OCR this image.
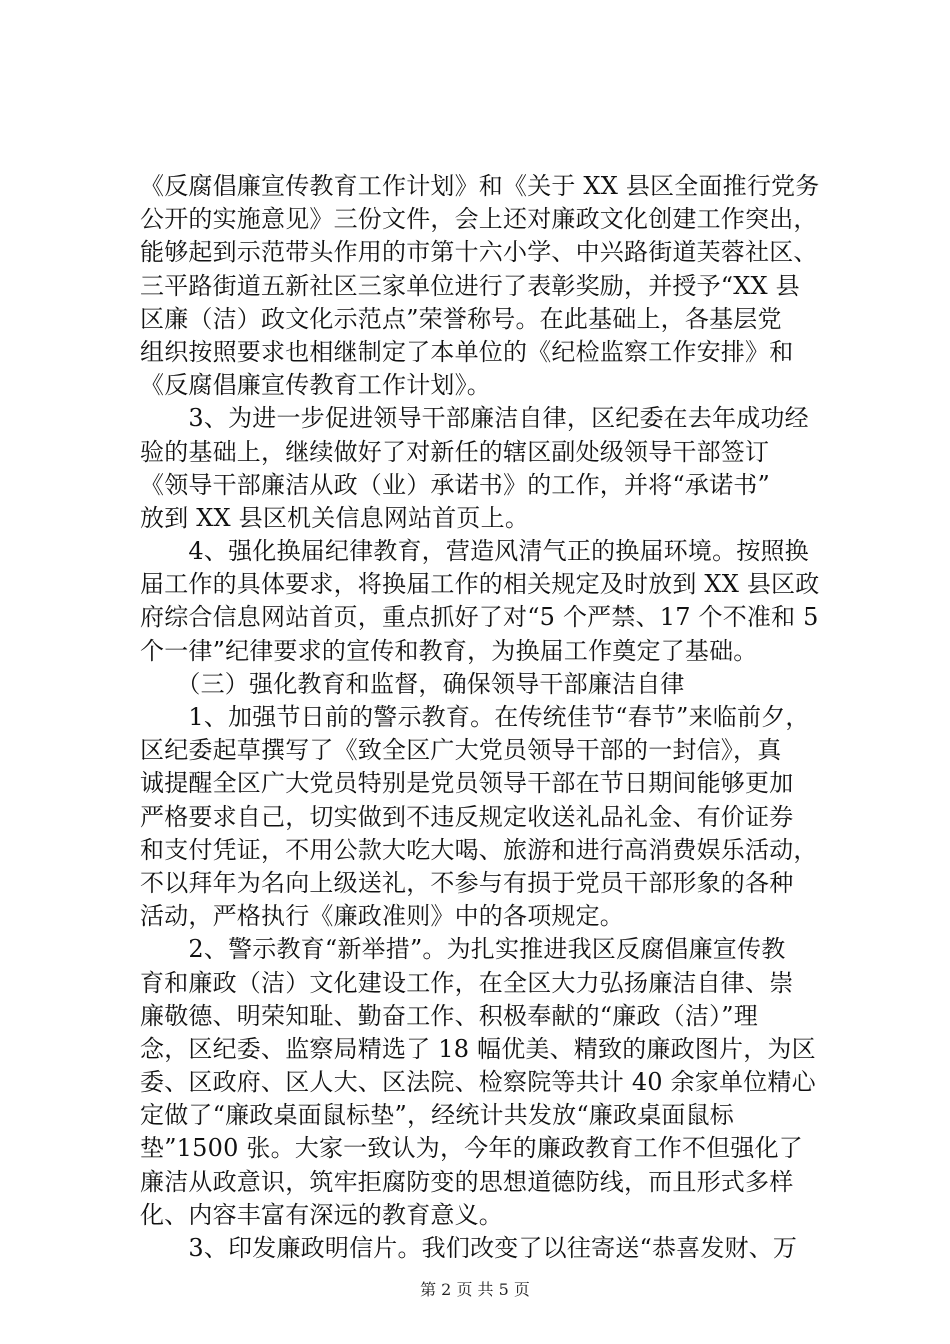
《反腐倡廉宣传教育工作计划》和《关于 XX 县区全面推行党务
公开的实施意见》三份文件，会上还对廉政文化创建工作突出，
能够起到示范带头作用的市第十六小学、中兴路街道芙蓉社区、
三平路街道五新社区三家单位进行了表彰奖励，并授予“XX 县
区廉（洁）政文化示范点”荣誉称号。在此基础上，各基层党
组织按照要求也相继制定了本单位的《纪检监察工作安排》和
《反腐倡廉宣传教育工作计划》。
　　3、为进一步促进领导干部廉洁自律，区纪委在去年成功经
验的基础上，继续做好了对新任的辖区副处级领导干部签订
《领导干部廉洁从政（业）承诺书》的工作，并将“承诺书”
放到 XX 县区机关信息网站首页上。
　　4、强化换届纪律教育，营造风清气正的换届环境。按照换
届工作的具体要求，将换届工作的相关规定及时放到 XX 县区政
府综合信息网站首页，重点抓好了对“5 个严禁、17 个不准和 5
个一律”纪律要求的宣传和教育，为换届工作奠定了基础。
　　（三）强化教育和监督，确保领导干部廉洁自律
　　1、加强节日前的警示教育。在传统佳节“春节”来临前夕，
区纪委起草撰写了《致全区广大党员领导干部的一封信》，真
诚提醒全区广大党员特别是党员领导干部在节日期间能够更加
严格要求自己，切实做到不违反规定收送礼品礼金、有价证券
和支付凭证，不用公款大吃大喝、旅游和进行高消费娱乐活动，
不以拜年为名向上级送礼，不参与有损于党员干部形象的各种
活动，严格执行《廉政准则》中的各项规定。
　　2、警示教育“新举措”。为扎实推进我区反腐倡廉宣传教
育和廉政（洁）文化建设工作，在全区大力弘扬廉洁自律、崇
廉敬德、明荣知耻、勤奋工作、积极奉献的“廉政（洁）”理
念，区纪委、监察局精选了 18 幅优美、精致的廉政图片，为区
委、区政府、区人大、区法院、检察院等共计 40 余家单位精心
定做了“廉政桌面鼠标垫”，经统计共发放“廉政桌面鼠标
垫”1500 张。大家一致认为，今年的廉政教育工作不但强化了
廉洁从政意识，筑牢拒腐防变的思想道德防线，而且形式多样
化、内容丰富有深远的教育意义。
　　3、印发廉政明信片。我们改变了以往寄送“恭喜发财、万
第 2 页 共 5 页
